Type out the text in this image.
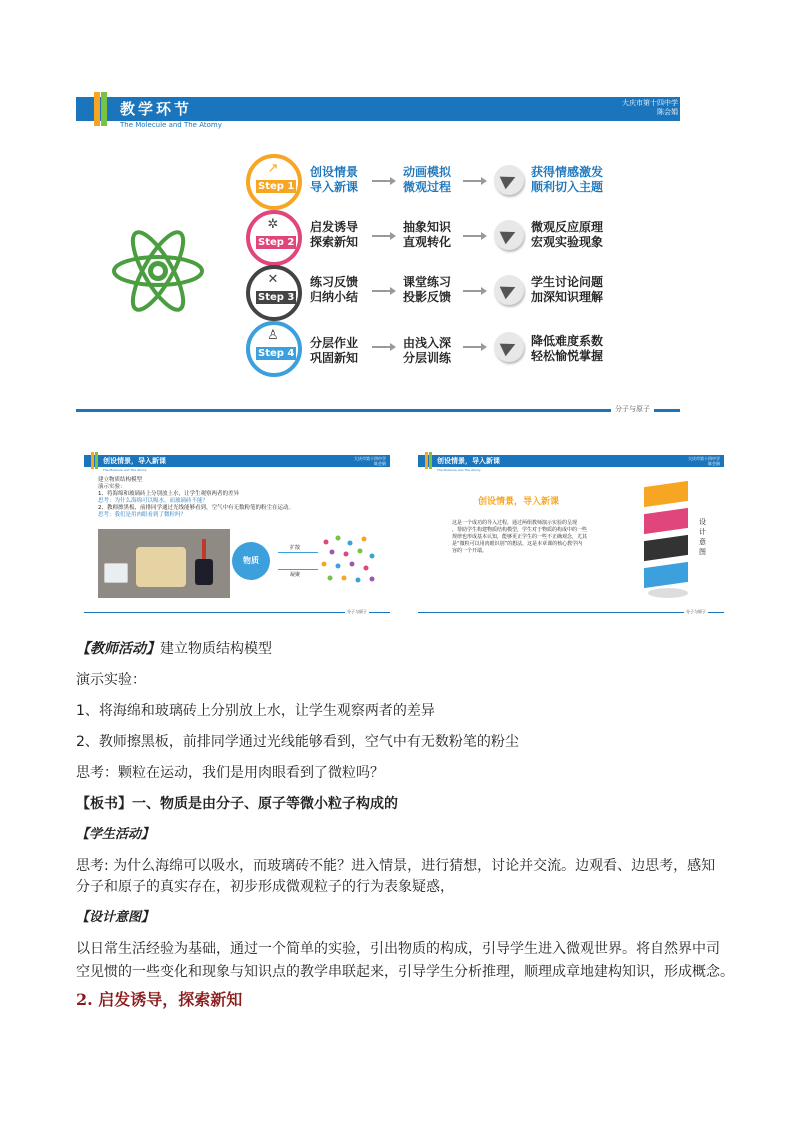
教学环节
The Molecule and The Atomy
大庆市第十四中学
陈会娟
↗
Step 1
创设情景
导入新课
动画模拟
微观过程
获得情感激发
顺利切入主题
✲
Step 2
启发诱导
探索新知
抽象知识
直观转化
微观反应原理
宏观实验现象
✕
Step 3
练习反馈
归纳小结
课堂练习
投影反馈
学生讨论问题
加深知识理解
♙
Step 4
分层作业
巩固新知
由浅入深
分层训练
降低难度系数
轻松愉悦掌握
分子与原子
创设情景，导入新课
The Molecule and The Atomy
大庆市第十四中学
陈会娟
建立物质结构模型
演示实验：
1、将海绵和玻璃砖上分别放上水，让学生观察两者的差异
思考：为什么海绵可以吸水，而玻璃砖不能？
2、教师擦黑板，前排同学通过光线能够看到，空气中有无数粉笔的粉尘在运动。
思考：我们是用肉眼看到了微粒吗？
物质
扩散
凝聚
分子与原子
创设情景，导入新课
The Molecule and The Atomy
大庆市第十四中学
陈会娟
创设情景，导入新课
这是一个成功的导入过程，通过两组教师演示实验的呈现
，帮助学生构建物质结构模型，学生对于物质的构成中的一些
规律也形成基本认知，能够更正学生的一些不正确观念，尤其
是“微粒可以用肉眼识别”的想法，这是本章课的核心教学内
容的一个开端。
设计意图
分子与原子
【教师活动】建立物质结构模型
演示实验：
1、将海绵和玻璃砖上分别放上水，让学生观察两者的差异
2、教师擦黑板，前排同学通过光线能够看到，空气中有无数粉笔的粉尘
思考：颗粒在运动，我们是用肉眼看到了微粒吗？
【板书】一、物质是由分子、原子等微小粒子构成的
【学生活动】
思考: 为什么海绵可以吸水，而玻璃砖不能？进入情景，进行猜想，讨论并交流。边观看、边思考，感知
分子和原子的真实存在，初步形成微观粒子的行为表象疑惑，
【设计意图】
以日常生活经验为基础，通过一个简单的实验，引出物质的构成，引导学生进入微观世界。将自然界中司
空见惯的一些变化和现象与知识点的教学串联起来，引导学生分析推理，顺理成章地建构知识，形成概念。
2. 启发诱导，探索新知
